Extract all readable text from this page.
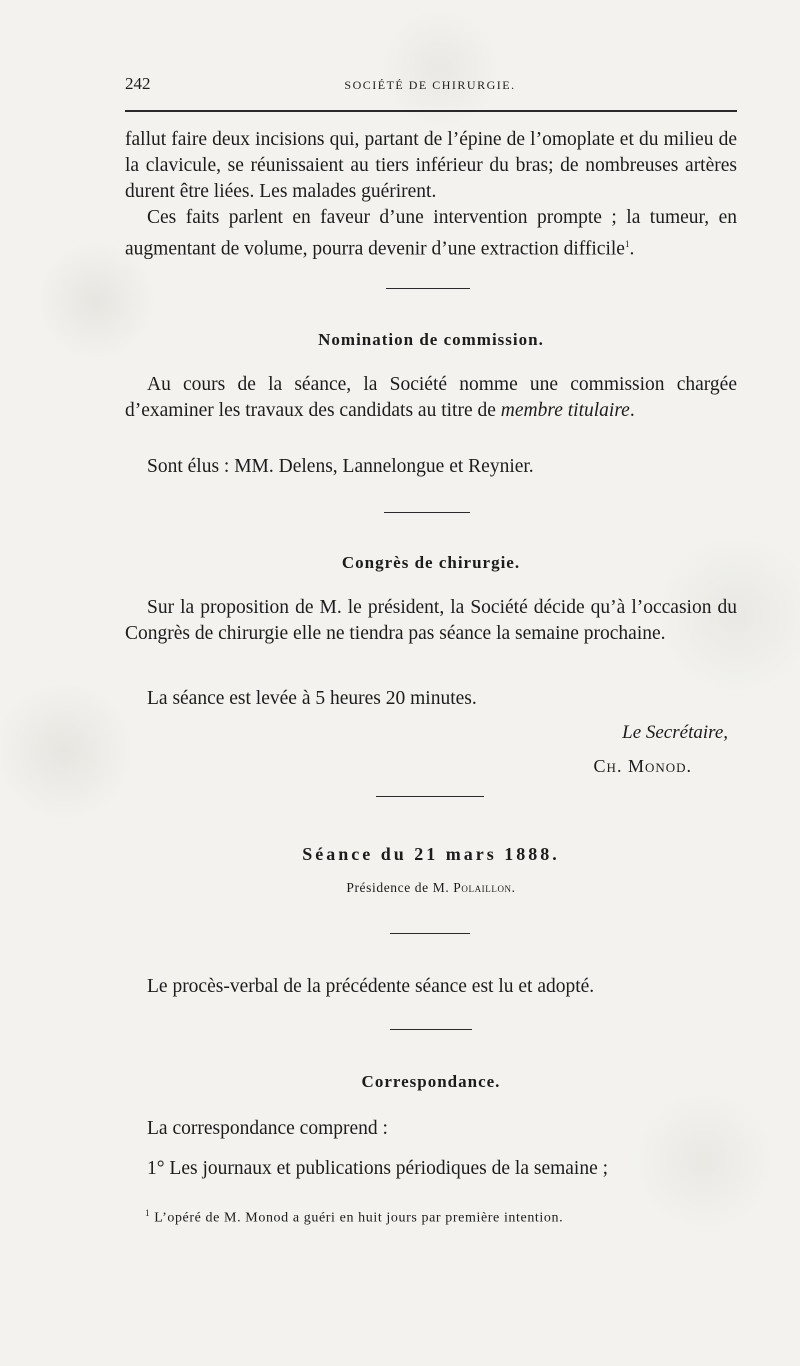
242	SOCIÉTÉ DE CHIRURGIE.

fallut faire deux incisions qui, partant de l’épine de l’omoplate et du milieu de la clavicule, se réunissaient au tiers inférieur du bras; de nombreuses artères durent être liées. Les malades guérirent.

Ces faits parlent en faveur d’une intervention prompte ; la tumeur, en augmentant de volume, pourra devenir d’une extraction difficile$^1$.

Nomination de commission.

Au cours de la séance, la Société nomme une commission chargée d’examiner les travaux des candidats au titre de membre titulaire.

Sont élus : MM. Delens, Lannelongue et Reynier.

Congrès de chirurgie.

Sur la proposition de M. le président, la Société décide qu’à l’occasion du Congrès de chirurgie elle ne tiendra pas séance la semaine prochaine.

La séance est levée à 5 heures 20 minutes.

Le Secrétaire,
Ch. Monod.
Séance du 21 mars 1888.
Présidence de M. Polaillon.

Le procès-verbal de la précédente séance est lu et adopté.

Correspondance.

La correspondance comprend :

1° Les journaux et publications périodiques de la semaine ;

$^1$ L’opéré de M. Monod a guéri en huit jours par première intention.
